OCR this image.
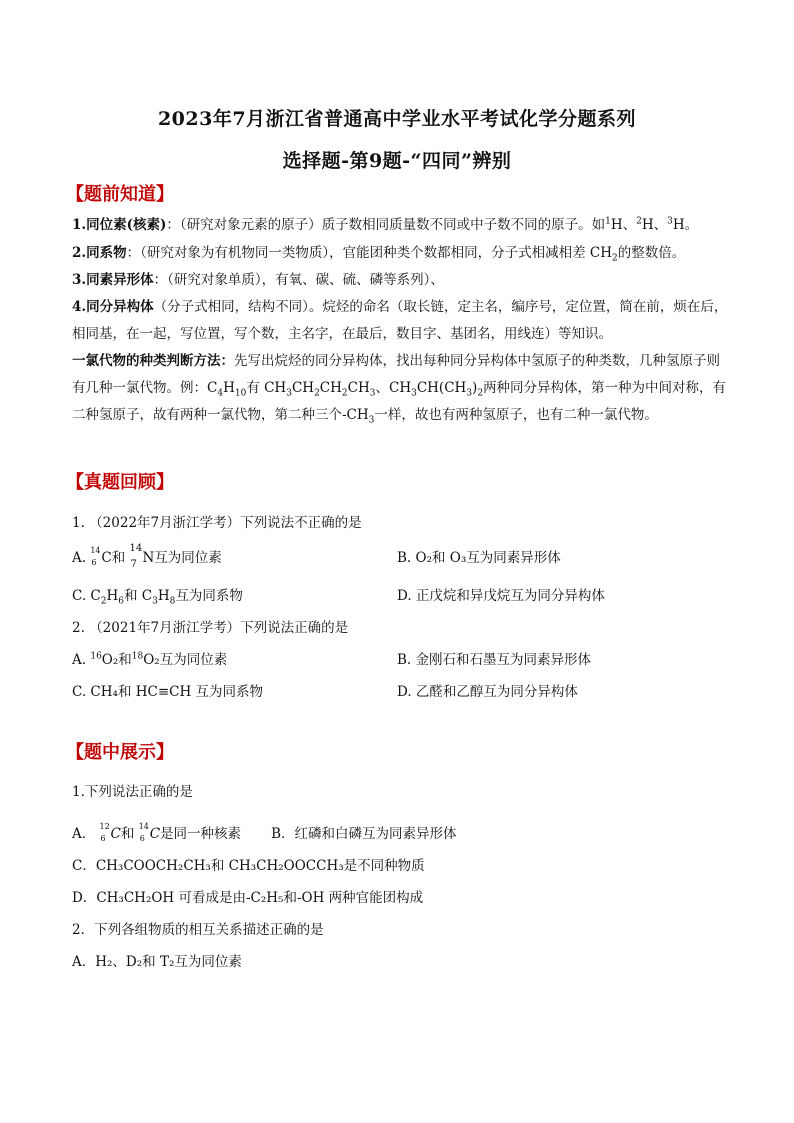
2023年7月浙江省普通高中学业水平考试化学分题系列
选择题-第9题-“四同”辨别
【题前知道】
1.同位素(核素)：（研究对象元素的原子）质子数相同质量数不同或中子数不同的原子。如$^1$H、$^2$H、$^3$H。
2.同系物：（研究对象为有机物同一类物质），官能团种类个数都相同，分子式相减相差 $CH_2$的整数倍。
3.同素异形体：（研究对象单质），有氧、碳、硫、磷等系列）、
4.同分异构体（分子式相同，结构不同）。烷烃的命名（取长链，定主名，编序号，定位置，简在前，烦在后，相同基，在一起，写位置，写个数，主名字，在最后，数目字、基团名，用线连）等知识。
一氯代物的种类判断方法：先写出烷烃的同分异构体，找出每种同分异构体中氢原子的种类数，几种氢原子则有几种一氯代物。例：$C_4H_{10}$有 $CH_3CH_2CH_2CH_3$、$CH_3CH(CH_3)_2$两种同分异构体，第一种为中间对称，有二种氢原子，故有两种一氯代物，第二种三个$-CH_3$一样，故也有两种氢原子，也有二种一氯代物。
【真题回顾】
1. （2022年7月浙江学考）下列说法不正确的是
A. 14
6 C和
14
7 N互为同位素	B. O₂和 O₃互为同素异形体
C. $C_2H_6$和 $C_3H_8$互为同系物	D. 正戊烷和异戊烷互为同分异构体
2. （2021年7月浙江学考）下列说法正确的是
A. $^{16}$O₂和$^{18}$O₂互为同位素	B. 金刚石和石墨互为同素异形体
C. CH₄和 HC≡CH 互为同系物	D. 乙醛和乙醇互为同分异构体
【题中展示】
1.下列说法正确的是
A． 12
6 C和 14
6 C是同一种核素 B．红磷和白磷互为同素异形体
C．CH₃COOCH₂CH₃和 CH₃CH₂OOCCH₃是不同种物质
D．CH₃CH₂OH 可看成是由-C₂H₅和-OH 两种官能团构成
2．下列各组物质的相互关系描述正确的是
A．H₂、D₂和 T₂互为同位素
